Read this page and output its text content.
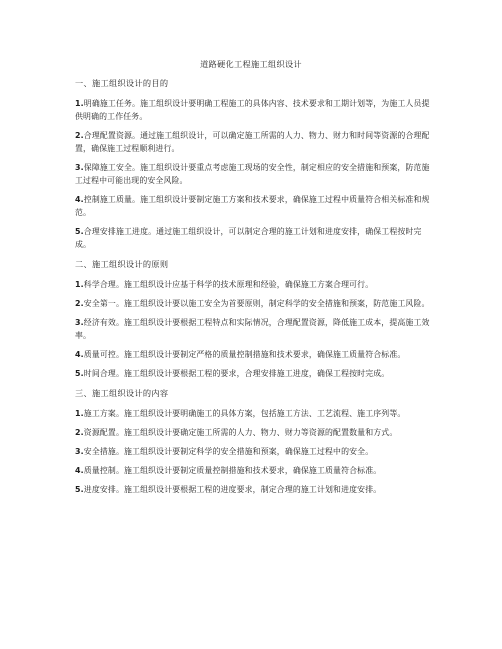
道路硬化工程施工组织设计
一、施工组织设计的目的

1.明确施工任务。施工组织设计要明确工程施工的具体内容、技术要求和工期计划等，为施工人员提供明确的工作任务。

2.合理配置资源。通过施工组织设计，可以确定施工所需的人力、物力、财力和时间等资源的合理配置，确保施工过程顺利进行。

3.保障施工安全。施工组织设计要重点考虑施工现场的安全性，制定相应的安全措施和预案，防范施工过程中可能出现的安全风险。

4.控制施工质量。施工组织设计要制定施工方案和技术要求，确保施工过程中质量符合相关标准和规范。

5.合理安排施工进度。通过施工组织设计，可以制定合理的施工计划和进度安排，确保工程按时完成。

二、施工组织设计的原则

1.科学合理。施工组织设计应基于科学的技术原理和经验，确保施工方案合理可行。

2.安全第一。施工组织设计要以施工安全为首要原则，制定科学的安全措施和预案，防范施工风险。

3.经济有效。施工组织设计要根据工程特点和实际情况，合理配置资源，降低施工成本，提高施工效率。

4.质量可控。施工组织设计要制定严格的质量控制措施和技术要求，确保施工质量符合标准。

5.时间合理。施工组织设计要根据工程的要求，合理安排施工进度，确保工程按时完成。

三、施工组织设计的内容

1.施工方案。施工组织设计要明确施工的具体方案，包括施工方法、工艺流程、施工序列等。

2.资源配置。施工组织设计要确定施工所需的人力、物力、财力等资源的配置数量和方式。

3.安全措施。施工组织设计要制定科学的安全措施和预案，确保施工过程中的安全。

4.质量控制。施工组织设计要制定质量控制措施和技术要求，确保施工质量符合标准。

5.进度安排。施工组织设计要根据工程的进度要求，制定合理的施工计划和进度安排。
